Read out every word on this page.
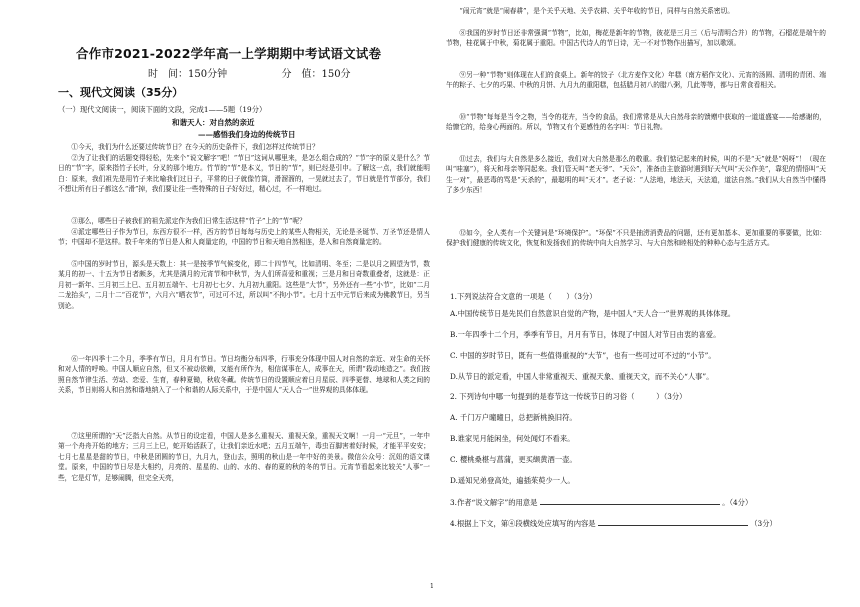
合作市2021-2022学年高一上学期期中考试语文试卷
时　间：150分钟	分　值：150分
一、现代文阅读（35分）
（一）现代文阅读一，阅读下面的文段，完成1——5题（19分）
和谐天人：对自然的亲近
——感悟我们身边的传统节日

①今天，我们为什么还要过传统节日？在今天的历史条件下，我们怎样过传统节日？

②为了让我们的话题变得轻松，先来个“说文解字”吧！“节日”这词从哪里来，是怎么组合成的？“节”字的原义是什么？节日的“节”字，原来指竹子长叶，分叉的那个地方。竹节的“节”是本义，节日的“节”，则已经是引申。了解这一点，我们就能明白：原来，我们祖先是用竹子来比喻我们过日子，平常的日子就像竹筒，滑溜溜的，一晃就过去了，节日就是竹节部分，我们不想让所有日子都这么“滑”掉，我们要让往一些特殊的日子好好过，精心过，不一样地过。

③那么，哪些日子被我们的祖先派定作为我们日常生活这样“竹子”上的“节”呢？

④派定哪些日子作为节日，东西方很不一样，西方的节日每每与历史上的某些人物相关，无论是圣诞节、万圣节还是情人节；中国却不是这样。数千年来的节日是人和人商量定的，中国的节日和天地自然相连，是人和自然商量定的。

⑤中国的岁时节日，源头是天数上：其一是按季节气候变化，即二十四节气，比如清明、冬至；二是以月之圆望为节，数某月的初一、十五为节日者颇多，尤其是满月的元宵节和中秋节，为人们所喜爱和重视；三是月和日奇数重叠者，这就是：正月初一新年、三月初三上巳、五月初五端午、七月初七七夕、九月初九重阳。这些是“大节”，另外还有一些“小节”，比如“二月二龙抬头”，二月十二“百花节”，六月六“晒衣节”，可过可不过，所以叫“不拘小节”。七月十五中元节后来成为佛教节日，另当别论。

⑥一年四季十二个月，季季有节日，月月有节日。节日均衡分布四季，行事充分体现中国人对自然的亲近、对生命的关怀和对人情的呼唤。中国人顺应自然，但又不被动依赖，又能有所作为，相信谋事在人，成事在天，所谓“栽动地造之”。我们按照自然节律生活、劳动、恋爱、生育，春种夏锄，秋收冬藏。传统节日的设置顺应着日月星辰、四季更替、地球和人类之间的关系，节日则将人和自然和谐地纳入了一个和谐的人际关系中，于是中国人“天人合一”世界观的具体体现。

⑦这里所谓的“天”泛指大自然。从节日的设定看，中国人是多么重视天、重视天象，重视天文啊！一月一“元旦”，一年中第一个舟舟开始的地方；三月三上巳，蛇开始活跃了，让我们亲近水吧；五月五端午，毒虫百脚害着好时候，才能平平安安；七月七星星是甜的节日，中秋是团圆的节日，九月九，登山去，照明的秋山是一年中好的美景。微信公众号：沉妞的语文课堂。原来，中国的节日尽是大相约，月亮的、星星的、山的、水的、春的夏的秋的冬的节日。元宵节看起来比较关“人事”一些，它是灯节，足够闹腾，但完全天亮，

1

“闹元宵”就是“闹春耕”，是个关乎天地、关乎农耕、关乎年收的节日，同样与自然关系密切。

⑧我国的岁时节日还非常强调“节物”，比如，梅花是新年的节物，彼花是三月三（后与清明合并）的节物，石榴花是端午的节物，桂花属于中秋，菊花属于重阳。中国古代诗人的节日诗，无一不对节物作出描写，加以歌颂。

⑨另一种“节物”则体现在人们的食桌上。新年的饺子（北方麦作文化）年糕（南方稻作文化）、元宵的汤圆、清明的青团、端午的粽子、七夕的巧果、中秋的月饼、九月九的重阳糕，包括腊月初八的腊八粥，几此等等，都与日常食看相关。

⑩“节物”每每是当令之物，当令的花卉，当令的食品，我们常常是从大自然母亲的馈赠中获取的一道道盛宴——给感谢的，给慷它的，给身心两面的。所以，节物又有个更感性的名字叫：节日礼物。

⑪过去，我们与大自然是多么接近，我们对大自然是那么的敬重。我们惦记起来的时候，叫的不是“天”就是“妈呀”！（现在叫“哇塞”），将天和母亲等同起来。我们管天叫“老天爷”、“天公”，准备由主旅游时遇到好天气叫“天公作美”，靠犯的情悟叫“天生一对”，最恶毒的骂是“天杀的”，最聪明的叫“天才”。老子说：“人法地，地法天，天法道，道法自然。”我们从大自然当中懂得了多少东西！

⑫如今，全人类有一个关键词是“环境保护”。“环保”不只是抽涝消费品的问题，还有更加基本、更加重要的事要做，比如：保护我们健康的传统文化，恢复和发扬我们的传统中向大自然学习、与大自然和睦相处的种种心态与生活方式。

1.下列说法符合文意的一项是（　　）（3分）
A.中国传统节日是先民们自然意识自觉的产物，是中国人“天人合一”世界观的具体体现。
B.一年四季十二个月，季季有节日，月月有节日，体现了中国人对节日由衷的喜爱。
C. 中国的岁时节日，既有一些值得重视的“大节”，也有一些可过可不过的“小节”。
D.从节日的派定看，中国人非常重视天、重视天象、重视天文，而不关心“人事”。
2. 下列诗句中哪一句提到的是春节这一传统节日的习俗（　　　）（3分）
A. 千门万户曈曈日，总把新桃换旧符。
B.谁家见月能闲坐，何处闻灯不看来。
C. 樱桃桑椹与菖蒲，更买缬黄酒一壶。
D.遥知兄弟登高处，遍插茱萸少一人。
3.作者“说文解字”的用意是	。（4分）
4.根据上下文，第④段横线处应填写的内容是	（3分）
